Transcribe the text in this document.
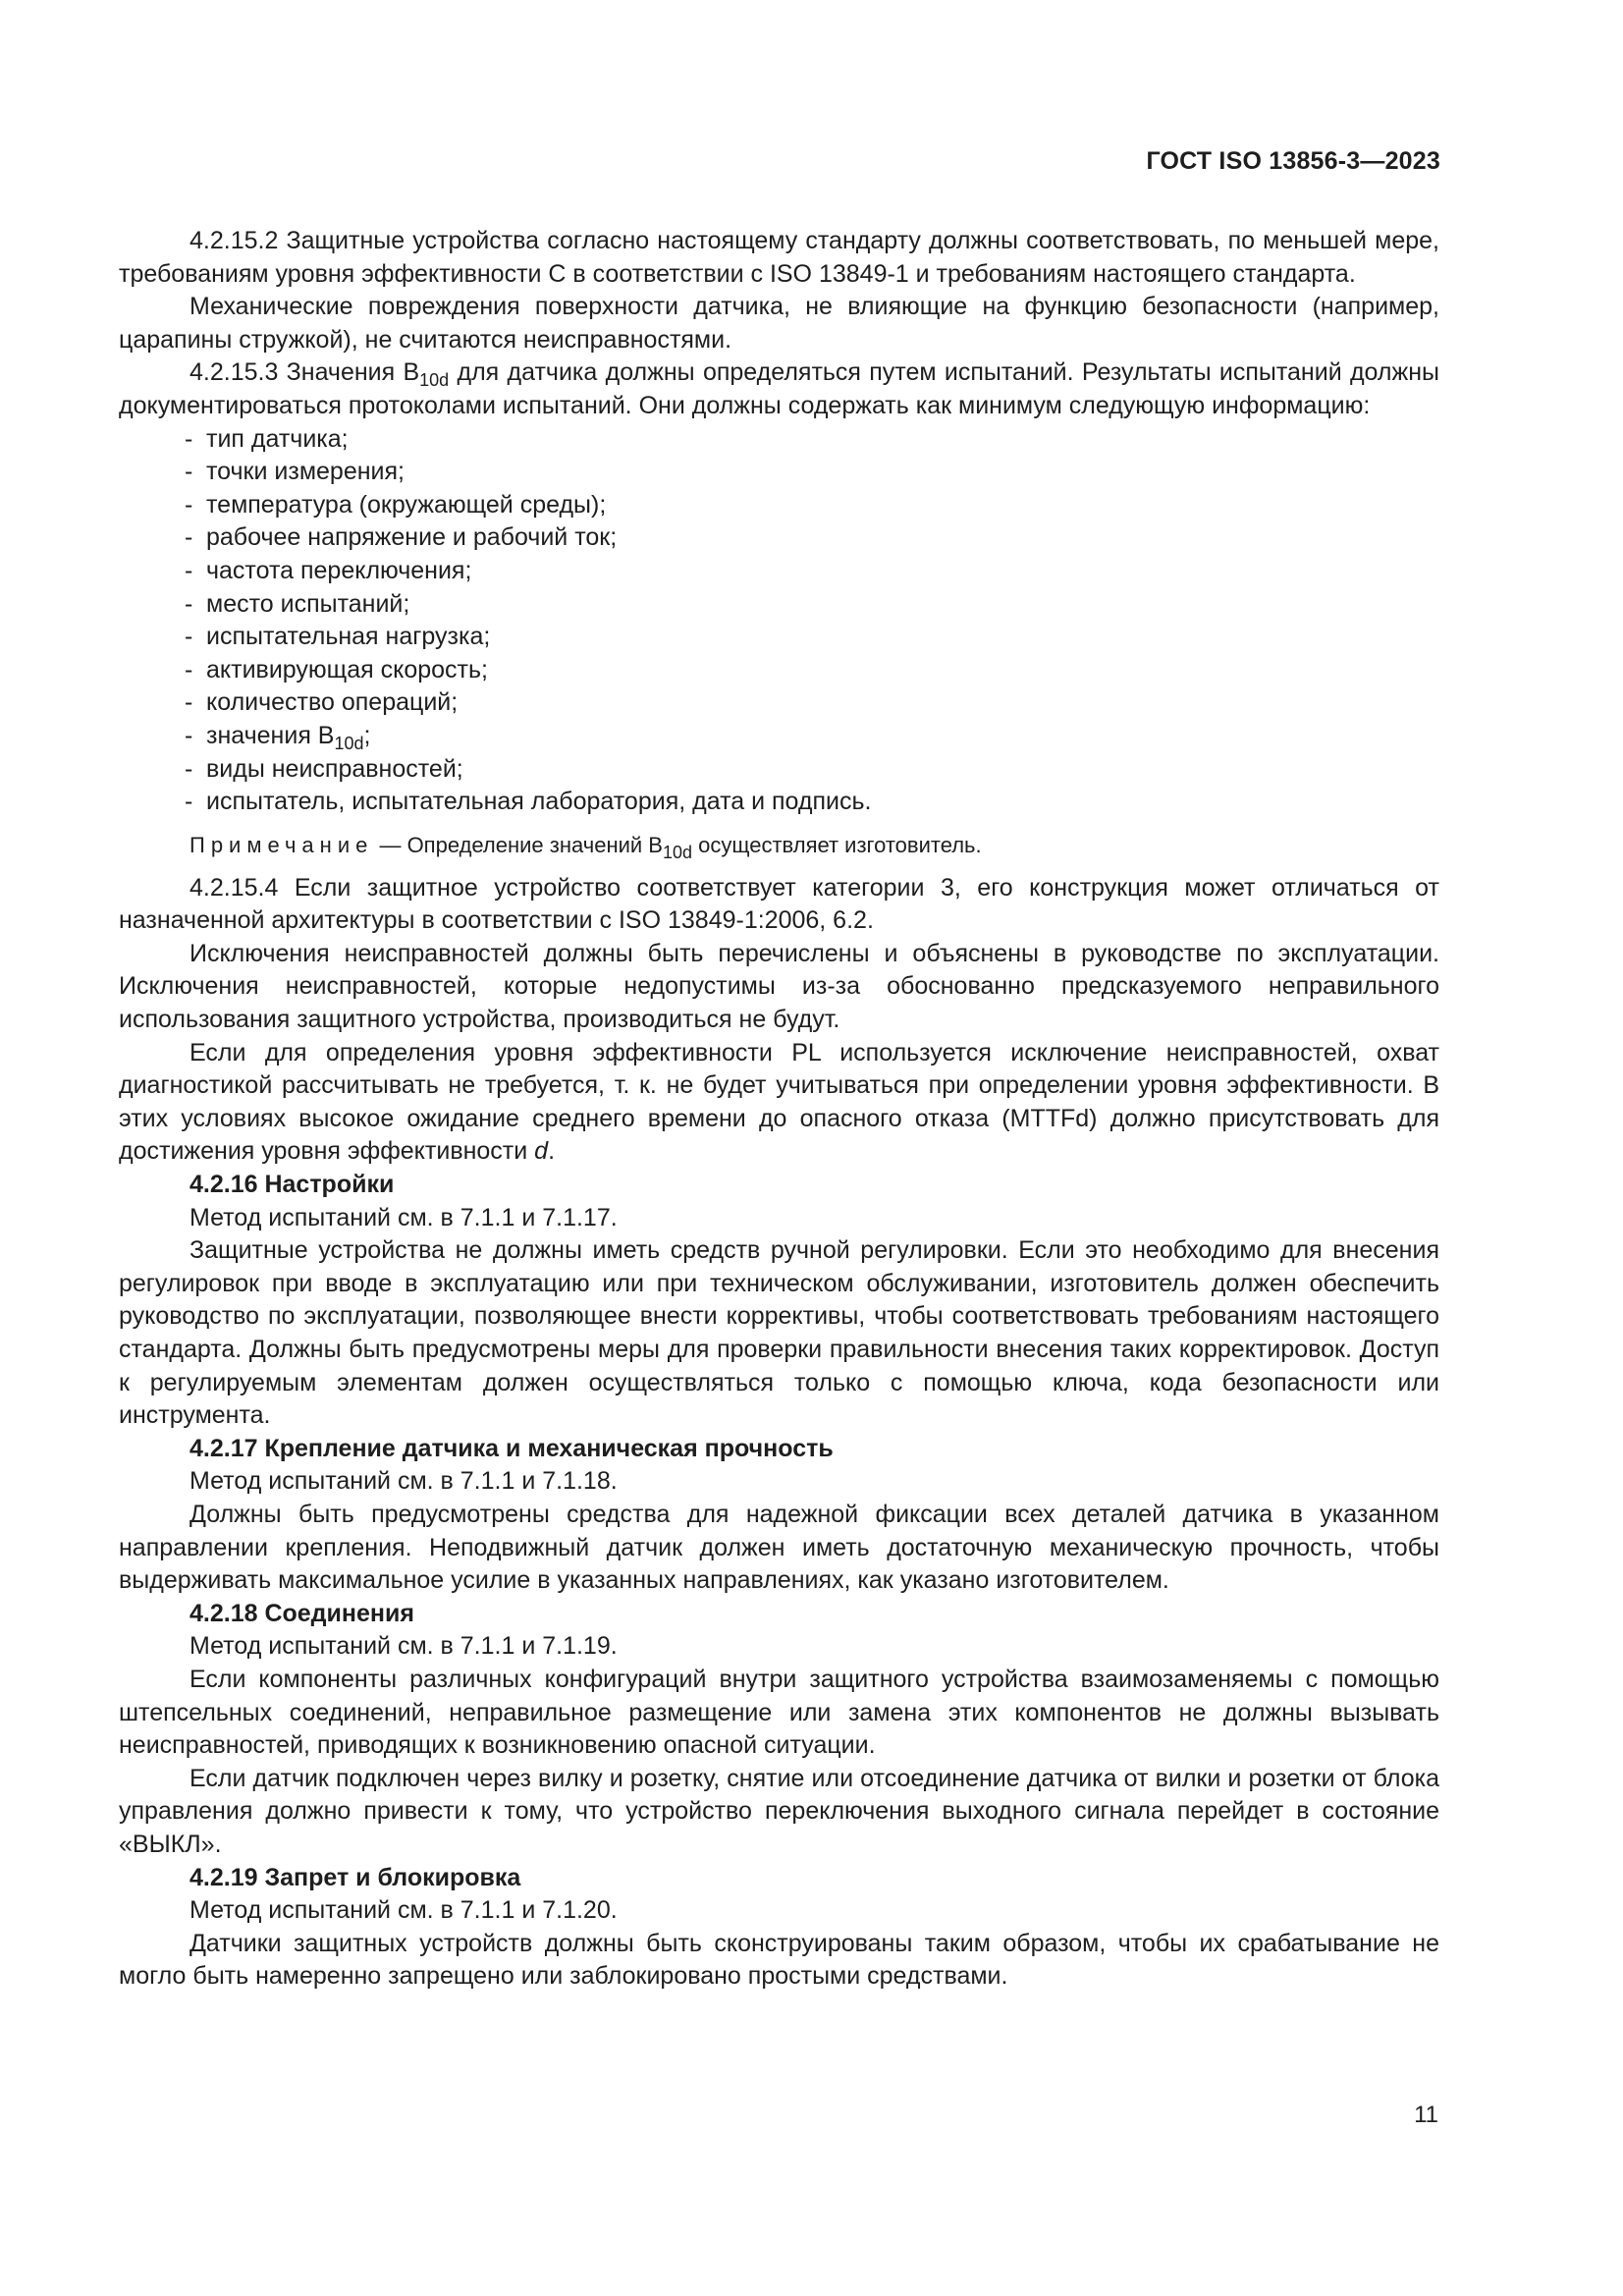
ГОСТ ISO 13856-3—2023

4.2.15.2 Защитные устройства согласно настоящему стандарту должны соответствовать, по меньшей мере, требованиям уровня эффективности С в соответствии с ISO 13849-1 и требованиям настоящего стандарта.

Механические повреждения поверхности датчика, не влияющие на функцию безопасности (например, царапины стружкой), не считаются неисправностями.

4.2.15.3 Значения $B_{10d}$ для датчика должны определяться путем испытаний. Результаты испытаний должны документироваться протоколами испытаний. Они должны содержать как минимум следующую информацию:

- тип датчика;
- точки измерения;
- температура (окружающей среды);
- рабочее напряжение и рабочий ток;
- частота переключения;
- место испытаний;
- испытательная нагрузка;
- активирующая скорость;
- количество операций;
- значения $B_{10d}$;
- виды неисправностей;
- испытатель, испытательная лаборатория, дата и подпись.

Примечание — Определение значений $B_{10d}$ осуществляет изготовитель.

4.2.15.4 Если защитное устройство соответствует категории 3, его конструкция может отличаться от назначенной архитектуры в соответствии с ISO 13849-1:2006, 6.2.

Исключения неисправностей должны быть перечислены и объяснены в руководстве по эксплуатации. Исключения неисправностей, которые недопустимы из-за обоснованно предсказуемого неправильного использования защитного устройства, производиться не будут.

Если для определения уровня эффективности PL используется исключение неисправностей, охват диагностикой рассчитывать не требуется, т. к. не будет учитываться при определении уровня эффективности. В этих условиях высокое ожидание среднего времени до опасного отказа (MTTFd) должно присутствовать для достижения уровня эффективности d.

4.2.16 Настройки

Метод испытаний см. в 7.1.1 и 7.1.17.

Защитные устройства не должны иметь средств ручной регулировки. Если это необходимо для внесения регулировок при вводе в эксплуатацию или при техническом обслуживании, изготовитель должен обеспечить руководство по эксплуатации, позволяющее внести коррективы, чтобы соответствовать требованиям настоящего стандарта. Должны быть предусмотрены меры для проверки правильности внесения таких корректировок. Доступ к регулируемым элементам должен осуществляться только с помощью ключа, кода безопасности или инструмента.

4.2.17 Крепление датчика и механическая прочность

Метод испытаний см. в 7.1.1 и 7.1.18.

Должны быть предусмотрены средства для надежной фиксации всех деталей датчика в указанном направлении крепления. Неподвижный датчик должен иметь достаточную механическую прочность, чтобы выдерживать максимальное усилие в указанных направлениях, как указано изготовителем.

4.2.18 Соединения

Метод испытаний см. в 7.1.1 и 7.1.19.

Если компоненты различных конфигураций внутри защитного устройства взаимозаменяемы с помощью штепсельных соединений, неправильное размещение или замена этих компонентов не должны вызывать неисправностей, приводящих к возникновению опасной ситуации.

Если датчик подключен через вилку и розетку, снятие или отсоединение датчика от вилки и розетки от блока управления должно привести к тому, что устройство переключения выходного сигнала перейдет в состояние «ВЫКЛ».

4.2.19 Запрет и блокировка

Метод испытаний см. в 7.1.1 и 7.1.20.

Датчики защитных устройств должны быть сконструированы таким образом, чтобы их срабатывание не могло быть намеренно запрещено или заблокировано простыми средствами.

11
